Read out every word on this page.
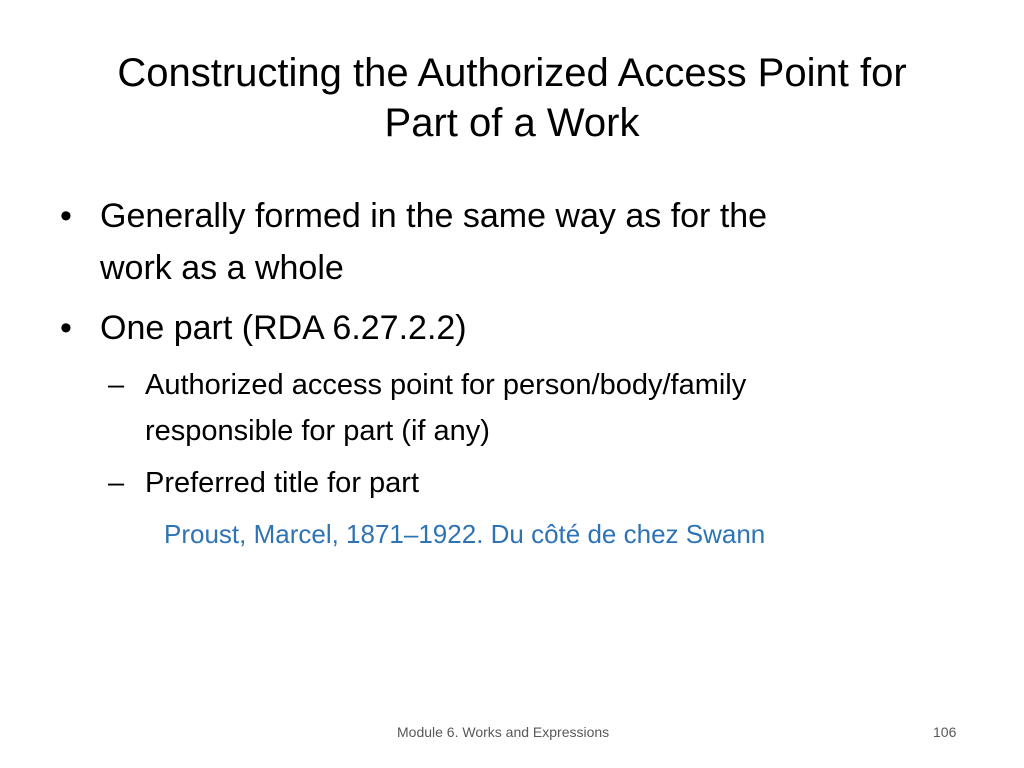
Constructing the Authorized Access Point for
Part of a Work
• Generally formed in the same way as for the
work as a whole
• One part (RDA 6.27.2.2)
– Authorized access point for person/body/family
responsible for part (if any)
– Preferred title for part
Proust, Marcel, 1871–1922. Du côté de chez Swann
Module 6. Works and Expressions	106
